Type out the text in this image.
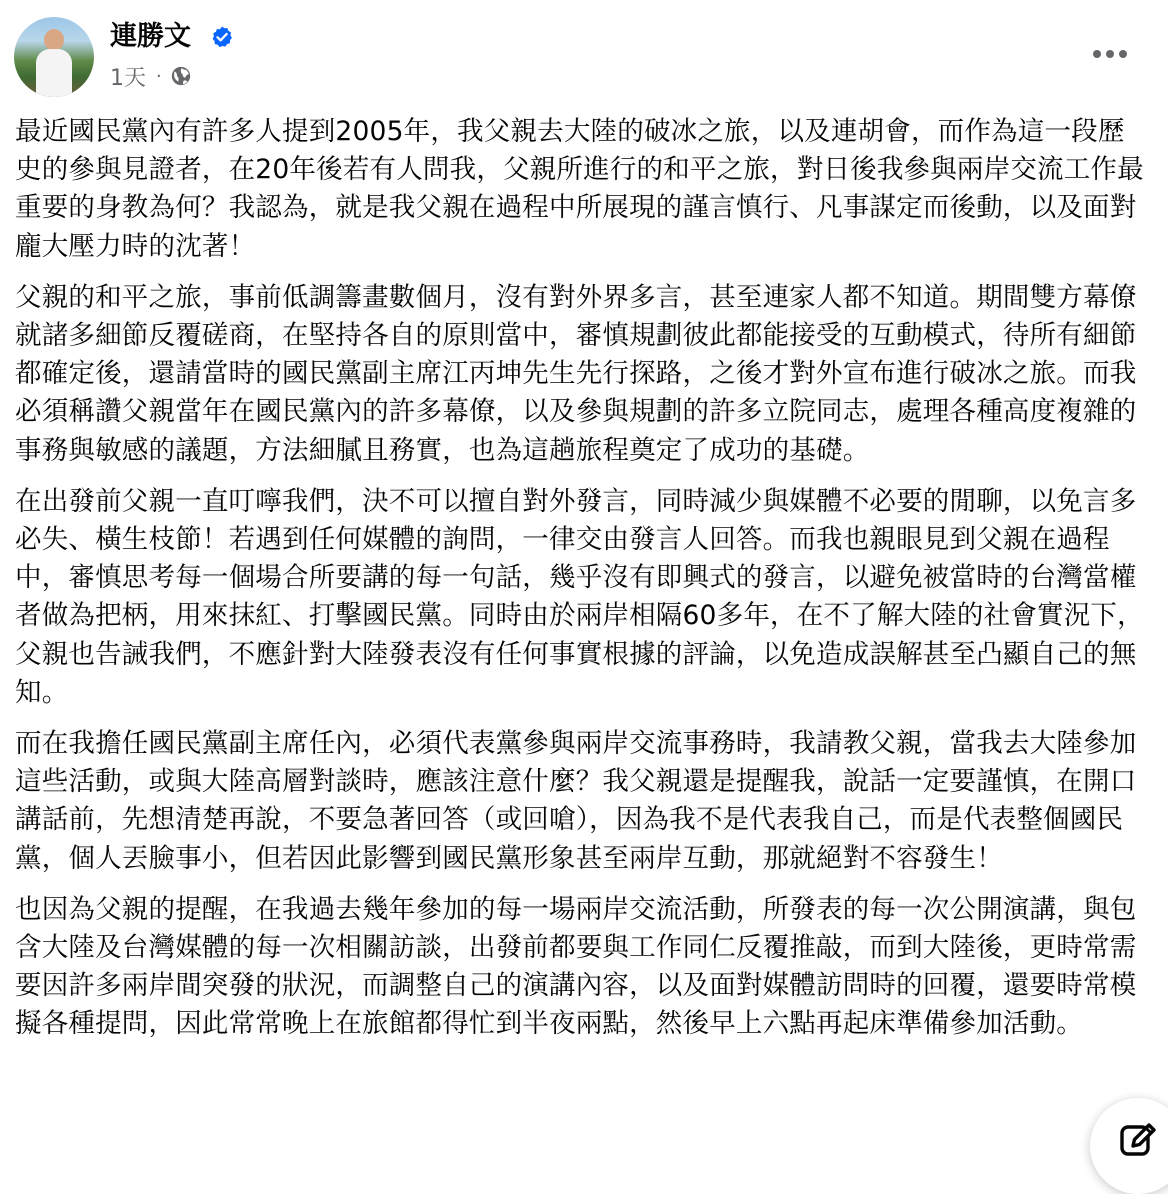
連勝文
1天 ·

最近國民黨內有許多人提到2005年，我父親去大陸的破冰之旅，以及連胡會，而作為這一段歷史的參與見證者，在20年後若有人問我，父親所進行的和平之旅，對日後我參與兩岸交流工作最重要的身教為何？我認為，就是我父親在過程中所展現的謹言慎行、凡事謀定而後動，以及面對龐大壓力時的沈著！

父親的和平之旅，事前低調籌畫數個月，沒有對外界多言，甚至連家人都不知道。期間雙方幕僚就諸多細節反覆磋商，在堅持各自的原則當中，審慎規劃彼此都能接受的互動模式，待所有細節都確定後，還請當時的國民黨副主席江丙坤先生先行探路，之後才對外宣布進行破冰之旅。而我必須稱讚父親當年在國民黨內的許多幕僚，以及參與規劃的許多立院同志，處理各種高度複雜的事務與敏感的議題，方法細膩且務實，也為這趟旅程奠定了成功的基礎。

在出發前父親一直叮嚀我們，決不可以擅自對外發言，同時減少與媒體不必要的閒聊，以免言多必失、橫生枝節！若遇到任何媒體的詢問，一律交由發言人回答。而我也親眼見到父親在過程中，審慎思考每一個場合所要講的每一句話，幾乎沒有即興式的發言，以避免被當時的台灣當權者做為把柄，用來抹紅、打擊國民黨。同時由於兩岸相隔60多年，在不了解大陸的社會實況下，父親也告誡我們，不應針對大陸發表沒有任何事實根據的評論，以免造成誤解甚至凸顯自己的無知。

而在我擔任國民黨副主席任內，必須代表黨參與兩岸交流事務時，我請教父親，當我去大陸參加這些活動，或與大陸高層對談時，應該注意什麼？我父親還是提醒我，說話一定要謹慎，在開口講話前，先想清楚再說，不要急著回答（或回嗆），因為我不是代表我自己，而是代表整個國民黨，個人丟臉事小，但若因此影響到國民黨形象甚至兩岸互動，那就絕對不容發生！

也因為父親的提醒，在我過去幾年參加的每一場兩岸交流活動，所發表的每一次公開演講，與包含大陸及台灣媒體的每一次相關訪談，出發前都要與工作同仁反覆推敲，而到大陸後，更時常需要因許多兩岸間突發的狀況，而調整自己的演講內容，以及面對媒體訪問時的回覆，還要時常模擬各種提問，因此常常晚上在旅館都得忙到半夜兩點，然後早上六點再起床準備參加活動。
